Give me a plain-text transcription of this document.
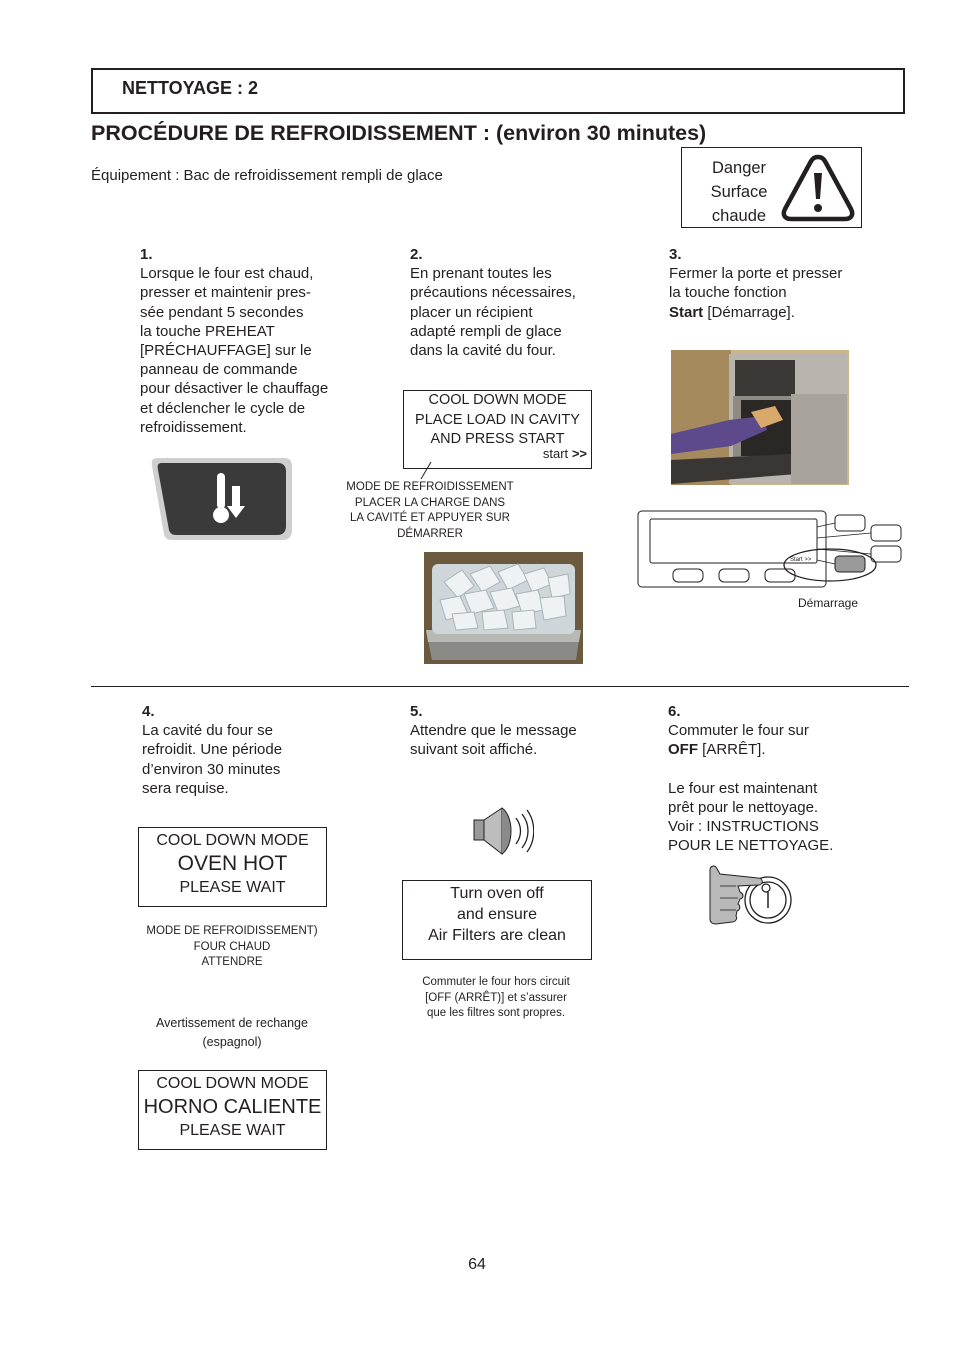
NETTOYAGE : 2
PROCÉDURE DE REFROIDISSEMENT : (environ 30 minutes)
Équipement : Bac de refroidissement rempli de glace	Danger
Surface
chaude
1.
Lorsque le four est chaud,
presser et maintenir pres-
sée pendant 5 secondes
la touche PREHEAT
[PRÉCHAUFFAGE] sur le
panneau de commande
pour désactiver le chauffage
et déclencher le cycle de
refroidissement.
2.
En prenant toutes les
précautions nécessaires,
placer un récipient
adapté rempli de glace
dans la cavité du four.
COOL DOWN MODE
PLACE LOAD IN CAVITY
AND PRESS START
start >>
MODE DE REFROIDISSEMENT
PLACER LA CHARGE DANS
LA CAVITÉ ET APPUYER SUR
DÉMARRER
3.
Fermer la porte et presser
la touche fonction
Start [Démarrage].
Start >>
Démarrage
4.
La cavité du four se
refroidit. Une période
d’environ 30 minutes
sera requise.
COOL DOWN MODE
OVEN HOT
PLEASE WAIT
MODE DE REFROIDISSEMENT)
FOUR CHAUD
ATTENDRE
Avertissement de rechange
(espagnol)
COOL DOWN MODE
HORNO CALIENTE
PLEASE WAIT
5.
Attendre que le message
suivant soit affiché.
Turn oven off
and ensure
Air Filters are clean
Commuter le four hors circuit
[OFF (ARRÊT)] et s’assurer
que les filtres sont propres.
6.
Commuter le four sur
OFF [ARRÊT].
Le four est maintenant
prêt pour le nettoyage.
Voir : INSTRUCTIONS
POUR LE NETTOYAGE.
64
